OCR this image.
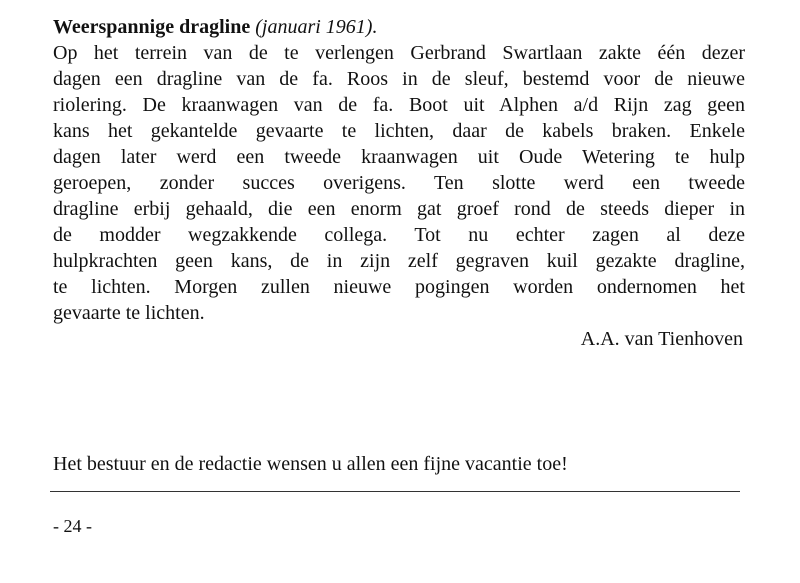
Weerspannige dragline (januari 1961).
Op het terrein van de te verlengen Gerbrand Swartlaan zakte één dezer
dagen een dragline van de fa. Roos in de sleuf, bestemd voor de nieuwe
riolering. De kraanwagen van de fa. Boot uit Alphen a/d Rijn zag geen
kans het gekantelde gevaarte te lichten, daar de kabels braken. Enkele
dagen later werd een tweede kraanwagen uit Oude Wetering te hulp
geroepen, zonder succes overigens. Ten slotte werd een tweede
dragline erbij gehaald, die een enorm gat groef rond de steeds dieper in
de modder wegzakkende collega. Tot nu echter zagen al deze
hulpkrachten geen kans, de in zijn zelf gegraven kuil gezakte dragline,
te lichten. Morgen zullen nieuwe pogingen worden ondernomen het
gevaarte te lichten.
A.A. van Tienhoven
Het bestuur en de redactie wensen u allen een fijne vacantie toe!
- 24 -
